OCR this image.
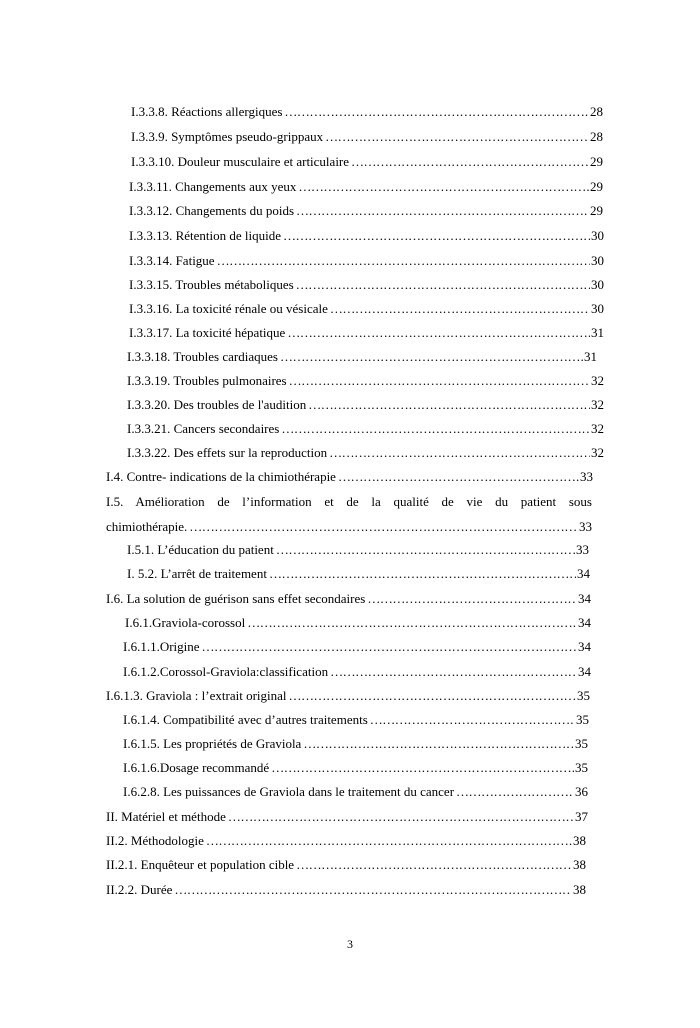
I.3.3.8. Réactions allergiques ……………………………………………………………………………………………………………………………………………………………………………………	28
I.3.3.9. Symptômes pseudo-grippaux ……………………………………………………………………………………………………………………………………………………………………………………	28
I.3.3.10. Douleur musculaire et articulaire ……………………………………………………………………………………………………………………………………………………………………………………	29
I.3.3.11. Changements aux yeux ……………………………………………………………………………………………………………………………………………………………………………………	29
I.3.3.12. Changements du poids ……………………………………………………………………………………………………………………………………………………………………………………	29
I.3.3.13. Rétention de liquide ……………………………………………………………………………………………………………………………………………………………………………………	30
I.3.3.14. Fatigue ……………………………………………………………………………………………………………………………………………………………………………………	30
I.3.3.15. Troubles métaboliques ……………………………………………………………………………………………………………………………………………………………………………………	30
I.3.3.16. La toxicité rénale ou vésicale ……………………………………………………………………………………………………………………………………………………………………………………	30
I.3.3.17. La toxicité hépatique ……………………………………………………………………………………………………………………………………………………………………………………	31
I.3.3.18. Troubles cardiaques ……………………………………………………………………………………………………………………………………………………………………………………	31
I.3.3.19. Troubles pulmonaires ……………………………………………………………………………………………………………………………………………………………………………………	32
I.3.3.20. Des troubles de l'audition ……………………………………………………………………………………………………………………………………………………………………………………	32
I.3.3.21. Cancers secondaires ……………………………………………………………………………………………………………………………………………………………………………………	32
I.3.3.22. Des effets sur la reproduction ……………………………………………………………………………………………………………………………………………………………………………………	32
I.4. Contre- indications de la chimiothérapie ……………………………………………………………………………………………………………………………………………………………………………………	33
I.5. Amélioration de l’information et de la qualité de vie du patient sous
chimiothérapie. ……………………………………………………………………………………………………………………………………………………………………………………	33
I.5.1. L’éducation du patient ……………………………………………………………………………………………………………………………………………………………………………………	33
I. 5.2. L’arrêt de traitement ……………………………………………………………………………………………………………………………………………………………………………………	34
I.6. La solution de guérison sans effet secondaires ……………………………………………………………………………………………………………………………………………………………………………………	34
I.6.1.Graviola-corossol ……………………………………………………………………………………………………………………………………………………………………………………	34
I.6.1.1.Origine ……………………………………………………………………………………………………………………………………………………………………………………	34
I.6.1.2.Corossol-Graviola:classification ……………………………………………………………………………………………………………………………………………………………………………………	34
I.6.1.3. Graviola : l’extrait original ……………………………………………………………………………………………………………………………………………………………………………………	35
I.6.1.4. Compatibilité avec d’autres traitements ……………………………………………………………………………………………………………………………………………………………………………………	35
I.6.1.5. Les propriétés de Graviola ……………………………………………………………………………………………………………………………………………………………………………………	35
I.6.1.6.Dosage recommandé ……………………………………………………………………………………………………………………………………………………………………………………	35
I.6.2.8. Les puissances de Graviola dans le traitement du cancer ……………………………………………………………………………………………………………………………………………………………………………………	36
II. Matériel et méthode ……………………………………………………………………………………………………………………………………………………………………………………	37
II.2. Méthodologie ……………………………………………………………………………………………………………………………………………………………………………………	38
II.2.1. Enquêteur et population cible ……………………………………………………………………………………………………………………………………………………………………………………	38
II.2.2. Durée ……………………………………………………………………………………………………………………………………………………………………………………	38
3
